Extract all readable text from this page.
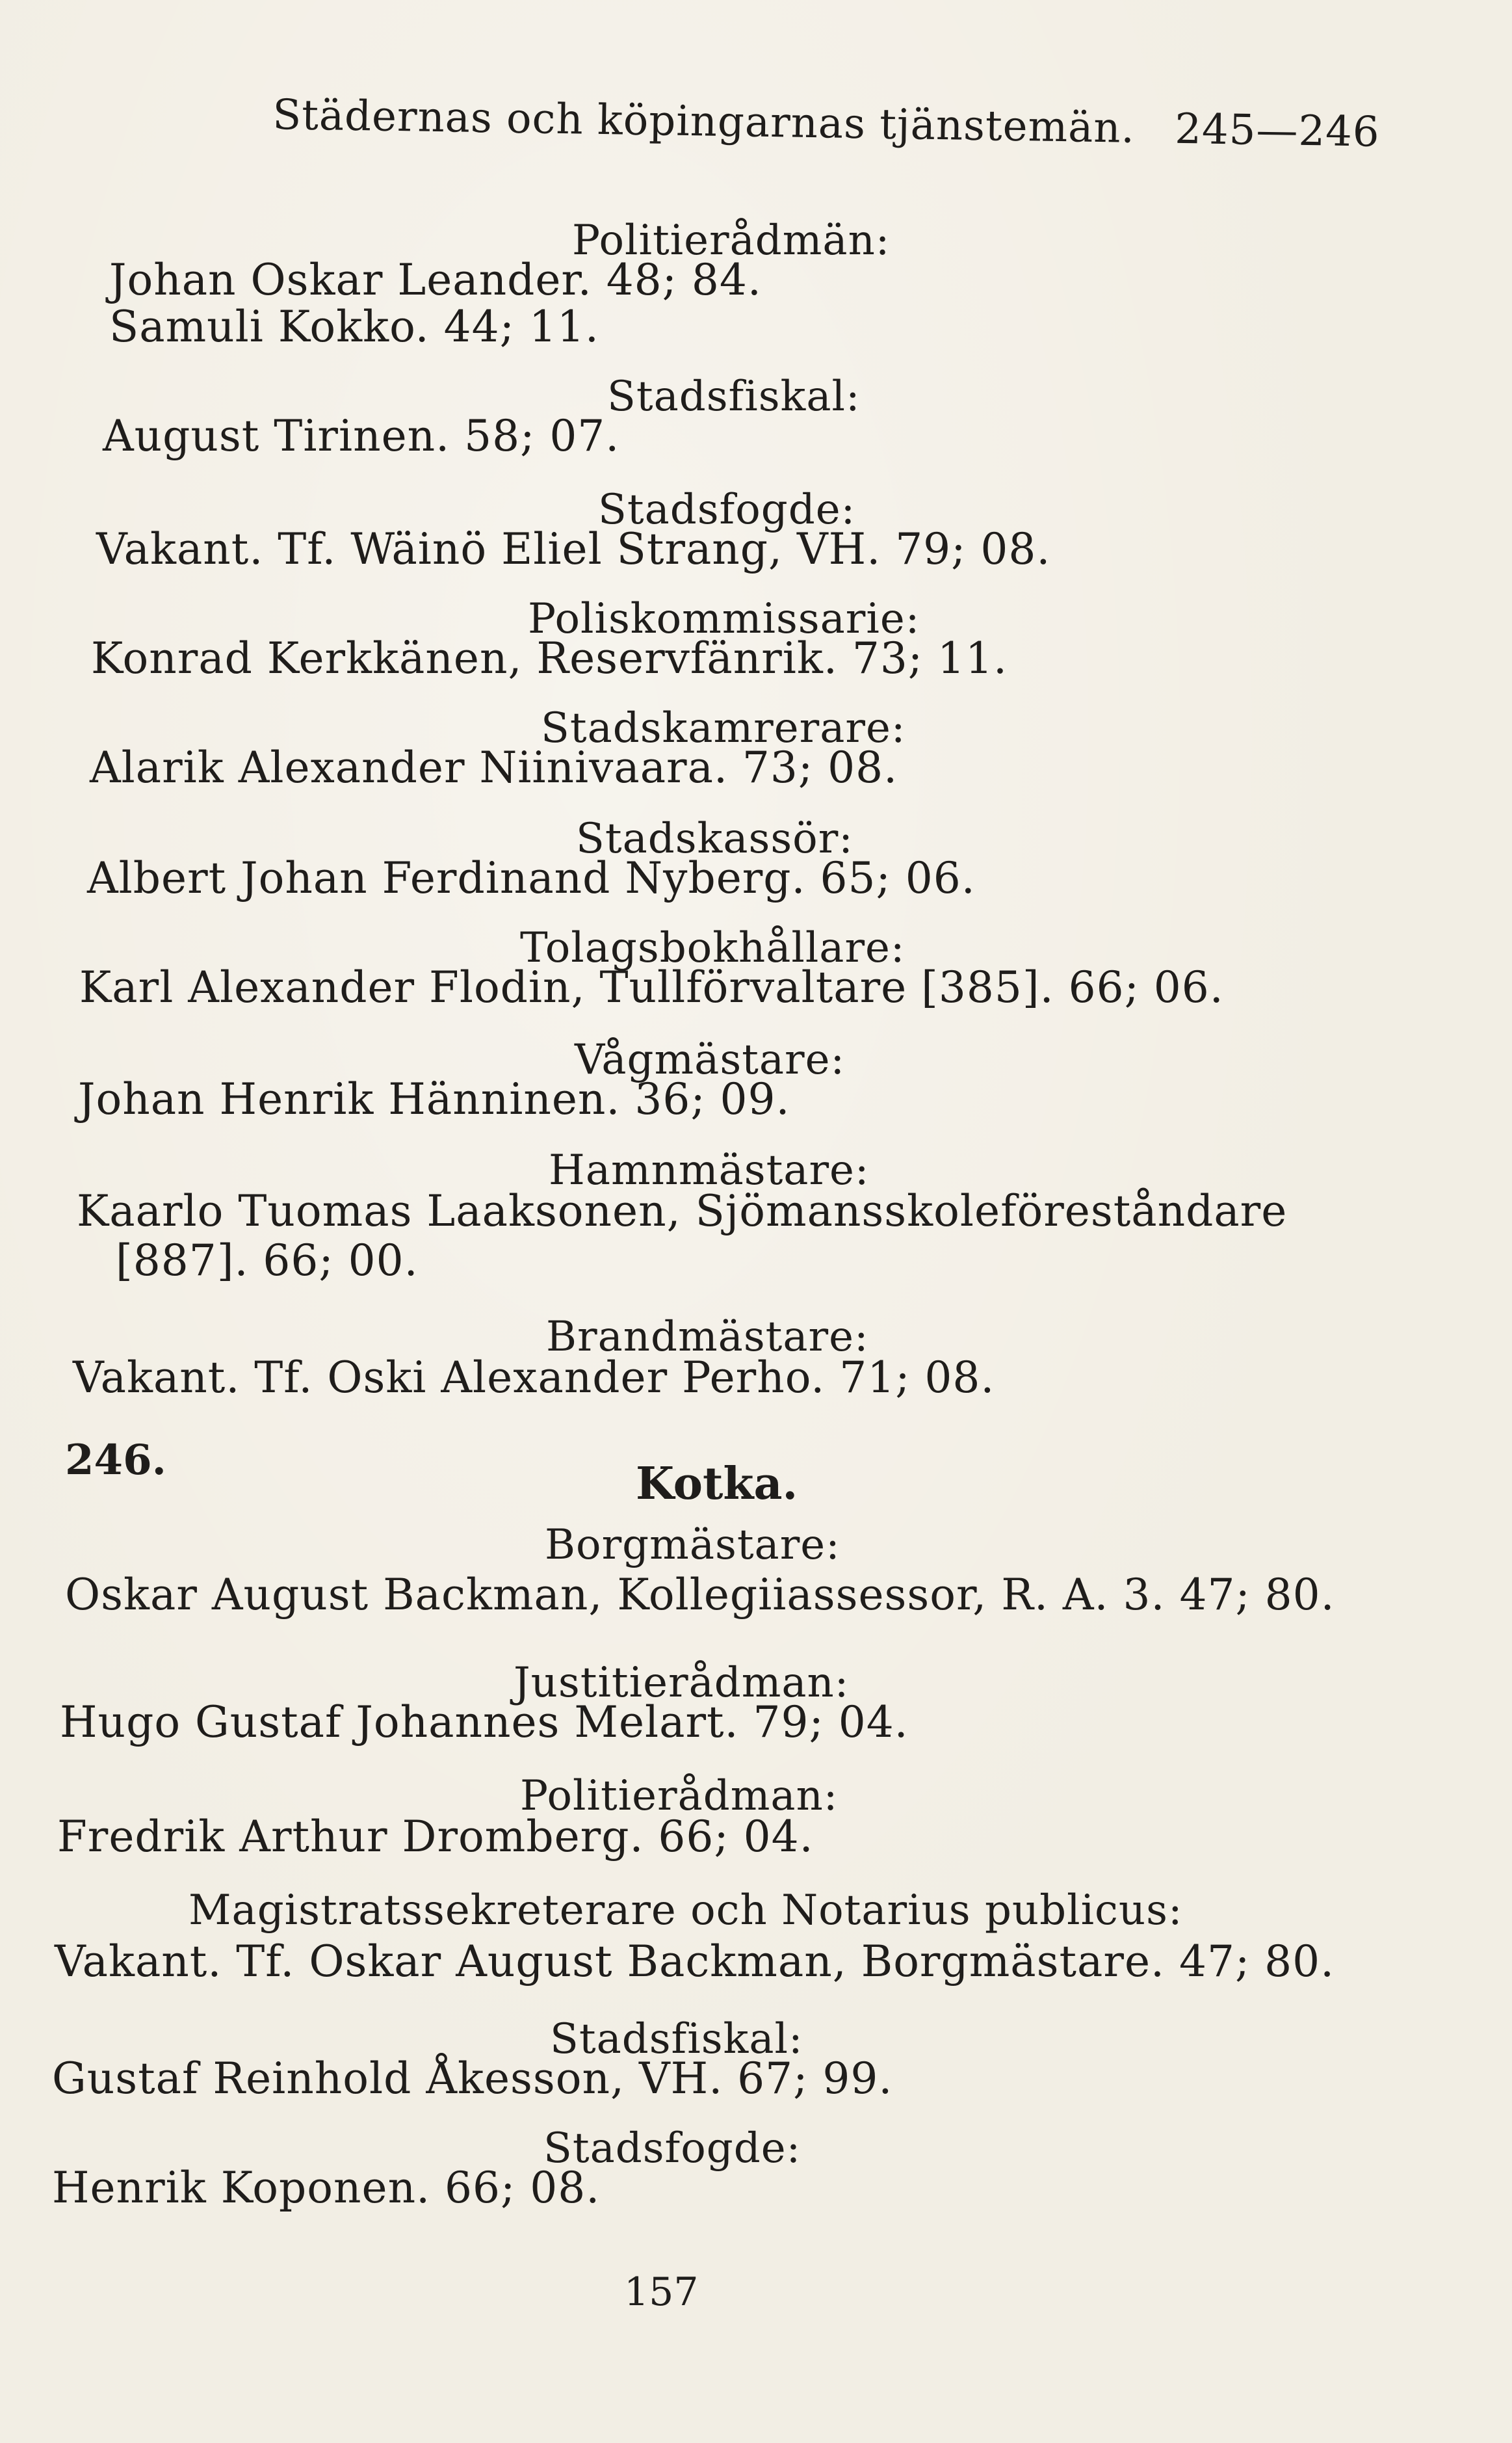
Städernas och köpingarnas tjänstemän. 245—246
Politierådmän:
Johan Oskar Leander. 48; 84.
Samuli Kokko. 44; 11.
Stadsfiskal:
August Tirinen. 58; 07.
Stadsfogde:
Vakant. Tf. Wäinö Eliel Strang, VH. 79; 08.
Poliskommissarie:
Konrad Kerkkänen, Reservfänrik. 73; 11.
Stadskamrerare:
Alarik Alexander Niinivaara. 73; 08.
Stadskassör:
Albert Johan Ferdinand Nyberg. 65; 06.
Tolagsbokhållare:
Karl Alexander Flodin, Tullförvaltare [385]. 66; 06.
Vågmästare:
Johan Henrik Hänninen. 36; 09.
Hamnmästare:
Kaarlo Tuomas Laaksonen, Sjömansskoleföreståndare
[887]. 66; 00.
Brandmästare:
Vakant. Tf. Oski Alexander Perho. 71; 08.
246.	Kotka.
Borgmästare:
Oskar August Backman, Kollegiiassessor, R. A. 3. 47; 80.
Justitierådman:
Hugo Gustaf Johannes Melart. 79; 04.
Politierådman:
Fredrik Arthur Dromberg. 66; 04.
Magistratssekreterare och Notarius publicus:
Vakant. Tf. Oskar August Backman, Borgmästare. 47; 80.
Stadsfiskal:
Gustaf Reinhold Åkesson, VH. 67; 99.
Stadsfogde:
Henrik Koponen. 66; 08.
157
